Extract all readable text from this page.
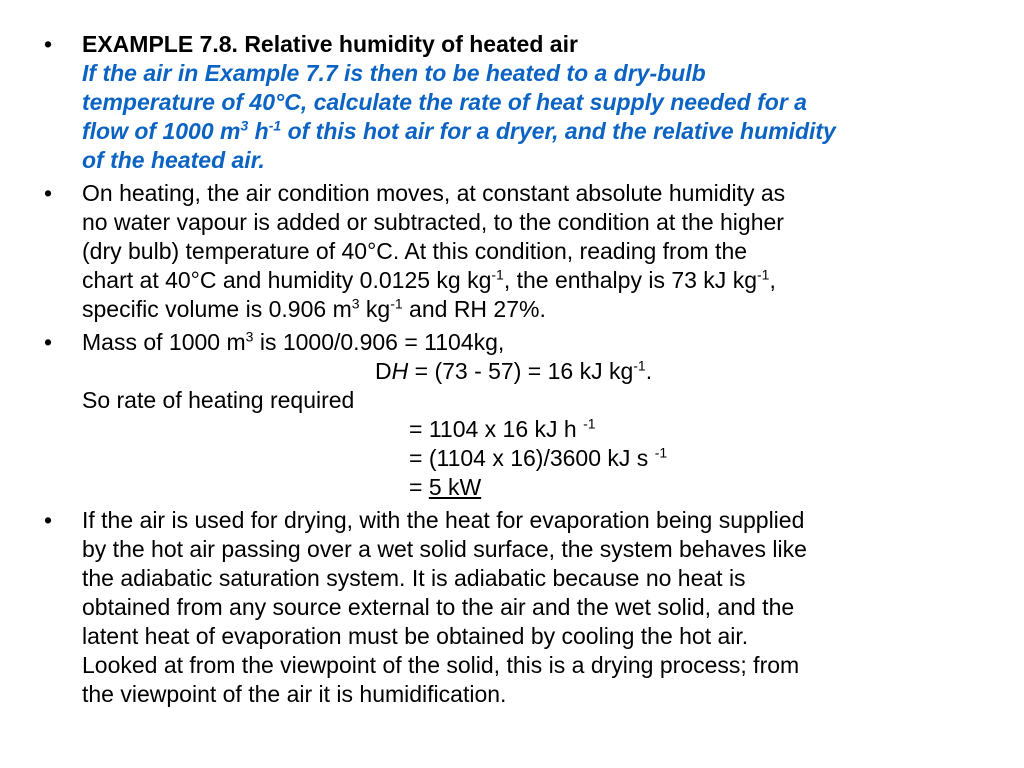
• EXAMPLE 7.8. Relative humidity of heated air
If the air in Example 7.7 is then to be heated to a dry-bulb
temperature of 40°C, calculate the rate of heat supply needed for a
flow of 1000 $m^3$ $h^{-1}$ of this hot air for a dryer, and the relative humidity
of the heated air.
• On heating, the air condition moves, at constant absolute humidity as
no water vapour is added or subtracted, to the condition at the higher
(dry bulb) temperature of 40°C. At this condition, reading from the
chart at 40°C and humidity 0.0125 kg $kg^{-1}$, the enthalpy is 73 kJ $kg^{-1}$,
specific volume is 0.906 $m^3$ $kg^{-1}$ and RH 27%.
• Mass of 1000 $m^3$ is 1000/0.906 = 1104kg,
DH = (73 - 57) = 16 kJ $kg^{-1}$.
So rate of heating required
= 1104 x 16 kJ h $^{-1}$
= (1104 x 16)/3600 kJ s $^{-1}$
= 5 kW
• If the air is used for drying, with the heat for evaporation being supplied
by the hot air passing over a wet solid surface, the system behaves like
the adiabatic saturation system. It is adiabatic because no heat is
obtained from any source external to the air and the wet solid, and the
latent heat of evaporation must be obtained by cooling the hot air.
Looked at from the viewpoint of the solid, this is a drying process; from
the viewpoint of the air it is humidification.
